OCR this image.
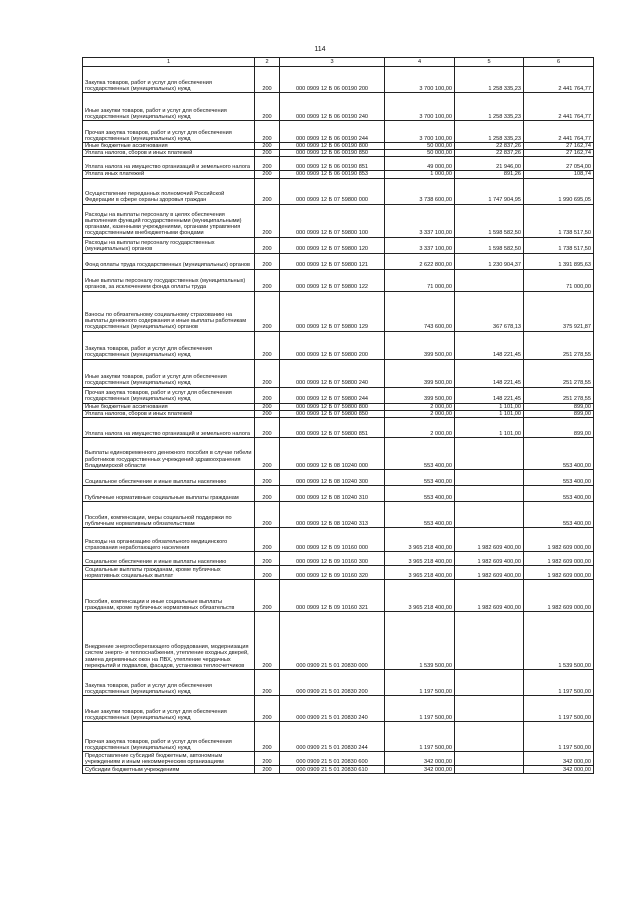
114
1	2	3	4	5	6
Закупка товаров, работ и услуг для обеспечения государственных (муниципальных) нужд	200	000 0909 12 Б 06 00190 200	3 700 100,00	1 258 335,23	2 441 764,77
Иные закупки товаров, работ и услуг для обеспечения государственных (муниципальных) нужд	200	000 0909 12 Б 06 00190 240	3 700 100,00	1 258 335,23	2 441 764,77
Прочая закупка товаров, работ и услуг для обеспечения государственных (муниципальных) нужд	200	000 0909 12 Б 06 00190 244	3 700 100,00	1 258 335,23	2 441 764,77
Иные бюджетные ассигнования	200	000 0909 12 Б 06 00190 800	50 000,00	22 837,26	27 162,74
Уплата налогов, сборов и иных платежей	200	000 0909 12 Б 06 00190 850	50 000,00	22 837,26	27 162,74
Уплата налога на имущество организаций и земельного налога	200	000 0909 12 Б 06 00190 851	49 000,00	21 946,00	27 054,00
Уплата иных платежей	200	000 0909 12 Б 06 00190 853	1 000,00	891,26	108,74
Осуществление переданных полномочий Российской Федерации в сфере охраны здоровья граждан	200	000 0909 12 Б 07 59800 000	3 738 600,00	1 747 904,95	1 990 695,05
Расходы на выплаты персоналу в целях обеспечения выполнения функций государственными (муниципальными) органами, казенными учреждениями, органами управления государственными внебюджетными фондами	200	000 0909 12 Б 07 59800 100	3 337 100,00	1 598 582,50	1 738 517,50
Расходы на выплаты персоналу государственных (муниципальных) органов	200	000 0909 12 Б 07 59800 120	3 337 100,00	1 598 582,50	1 738 517,50
Фонд оплаты труда государственных (муниципальных) органов	200	000 0909 12 Б 07 59800 121	2 622 800,00	1 230 904,37	1 391 895,63
Иные выплаты персоналу государственных (муниципальных) органов, за исключением фонда оплаты труда	200	000 0909 12 Б 07 59800 122	71 000,00		71 000,00
Взносы по обязательному социальному страхованию на выплаты денежного содержания и иные выплаты работникам государственных (муниципальных) органов	200	000 0909 12 Б 07 59800 129	743 600,00	367 678,13	375 921,87
Закупка товаров, работ и услуг для обеспечения государственных (муниципальных) нужд	200	000 0909 12 Б 07 59800 200	399 500,00	148 221,45	251 278,55
Иные закупки товаров, работ и услуг для обеспечения государственных (муниципальных) нужд	200	000 0909 12 Б 07 59800 240	399 500,00	148 221,45	251 278,55
Прочая закупка товаров, работ и услуг для обеспечения государственных (муниципальных) нужд	200	000 0909 12 Б 07 59800 244	399 500,00	148 221,45	251 278,55
Иные бюджетные ассигнования	200	000 0909 12 Б 07 59800 800	2 000,00	1 101,00	899,00
Уплата налогов, сборов и иных платежей	200	000 0909 12 Б 07 59800 850	2 000,00	1 101,00	899,00
Уплата налога на имущество организаций и земельного налога	200	000 0909 12 Б 07 59800 851	2 000,00	1 101,00	899,00
Выплаты единовременного денежного пособия в случае гибели работников государственных учреждений здравоохранения Владимирской области	200	000 0909 12 Б 08 10240 000	553 400,00		553 400,00
Социальное обеспечение и иные выплаты населению	200	000 0909 12 Б 08 10240 300	553 400,00		553 400,00
Публичные нормативные социальные выплаты гражданам	200	000 0909 12 Б 08 10240 310	553 400,00		553 400,00
Пособия, компенсации, меры социальной поддержки по публичным нормативным обязательствам	200	000 0909 12 Б 08 10240 313	553 400,00		553 400,00
Расходы на организацию обязательного медицинского страхования неработающего населения	200	000 0909 12 Б 09 10160 000	3 965 218 400,00	1 982 609 400,00	1 982 609 000,00
Социальное обеспечение и иные выплаты населению	200	000 0909 12 Б 09 10160 300	3 965 218 400,00	1 982 609 400,00	1 982 609 000,00
Социальные выплаты гражданам, кроме публичных нормативных социальных выплат	200	000 0909 12 Б 09 10160 320	3 965 218 400,00	1 982 609 400,00	1 982 609 000,00
Пособия, компенсации и иные социальные выплаты гражданам, кроме публичных нормативных обязательств	200	000 0909 12 Б 09 10160 321	3 965 218 400,00	1 982 609 400,00	1 982 609 000,00
Внедрение энергосберегающего оборудования, модернизация систем энерго- и теплоснабжения, утепление входных дверей, замена деревянных окон на ПВХ, утепление чердачных перекрытий и подвалов, фасадов, установка теплосчетчиков	200	000 0909 21 5 01 20830 000	1 539 500,00		1 539 500,00
Закупка товаров, работ и услуг для обеспечения государственных (муниципальных) нужд	200	000 0909 21 5 01 20830 200	1 197 500,00		1 197 500,00
Иные закупки товаров, работ и услуг для обеспечения государственных (муниципальных) нужд	200	000 0909 21 5 01 20830 240	1 197 500,00		1 197 500,00
Прочая закупка товаров, работ и услуг для обеспечения государственных (муниципальных) нужд	200	000 0909 21 5 01 20830 244	1 197 500,00		1 197 500,00
Предоставление субсидий бюджетным, автономным учреждениям и иным некоммерческим организациям	200	000 0909 21 5 01 20830 600	342 000,00		342 000,00
Субсидии бюджетным учреждениям	200	000 0909 21 5 01 20830 610	342 000,00		342 000,00
